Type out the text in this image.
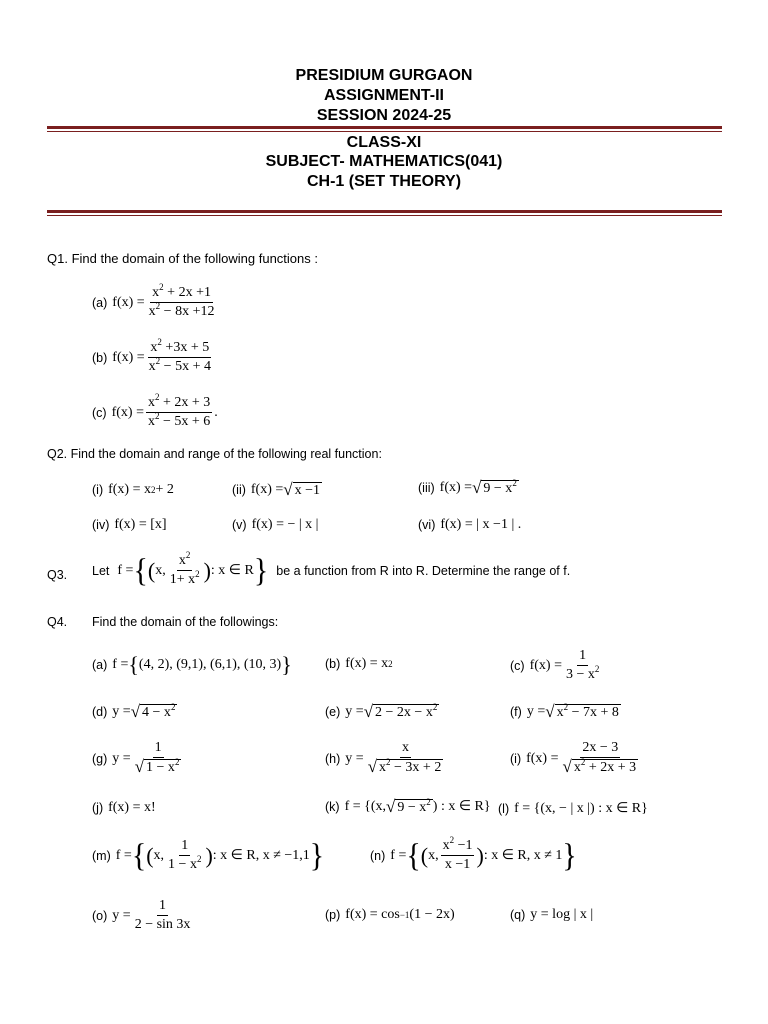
PRESIDIUM GURGAON
ASSIGNMENT-II
SESSION 2024-25
CLASS-XI
SUBJECT- MATHEMATICS(041)
CH-1 (SET THEORY)
Q1. Find the domain of the following functions :
(a) $f(x) = \frac{x^2 + 2x +1}{x^2 - 8x +12}$
(b) $f(x) = \frac{x^2 +3x + 5}{x^2 - 5x + 4}$
(c) $f(x) = \frac{x^2 + 2x + 3}{x^2 - 5x + 6}$ .
Q2. Find the domain and range of the following real function:
(i) f(x) = x 2 + 2	(ii) f(x) = √ x −1	(iii) f(x) = √ $9 - x^2$
(iv) f(x) = [x]	(v) f(x) = − | x |	(vi) f(x) = | x −1 | .
Q3. Let f = { ( x, $\frac{x^2}{1+ x^2}$ ) : x ∈ R } be a function from R into R. Determine the range of f.
Q4. Find the domain of the followings:
(a) f = { (4, 2), (9,1), (6,1), (10, 3) }	(b) f(x) = x 2	(c) $f(x) = \frac{1}{3 - x^2}$
(d) y = √ $4 - x^2$	(e) y = √ $2 - 2x - x^2$	(f) y = √ $x^2 - 7x + 8$
(g) $y = \frac{1}{√ 1 - x^2}$	(h) $y = \frac{x}{√ x^2 - 3x + 2}$	(i) $f(x) = \frac{2x - 3}{√ x^2 + 2x + 3}$
(j) f(x) = x!	(k) f = {(x, √ $9 - x^2$ ) : x ∈ R} (l) f = {(x, − | x |) : x ∈ R}
(m) f = { ( x, $\frac{1}{1 - x^2}$ ) : x ∈ R, x ≠ −1,1 }	(n) f = { ( x, $\frac{x^2 -1}{x -1}$ ) : x ∈ R, x ≠ 1 }
(o) $y = \frac{1}{2 - \sin 3x}$	(p) f(x) = cos −1 (1 − 2x)	(q) y = log | x |
